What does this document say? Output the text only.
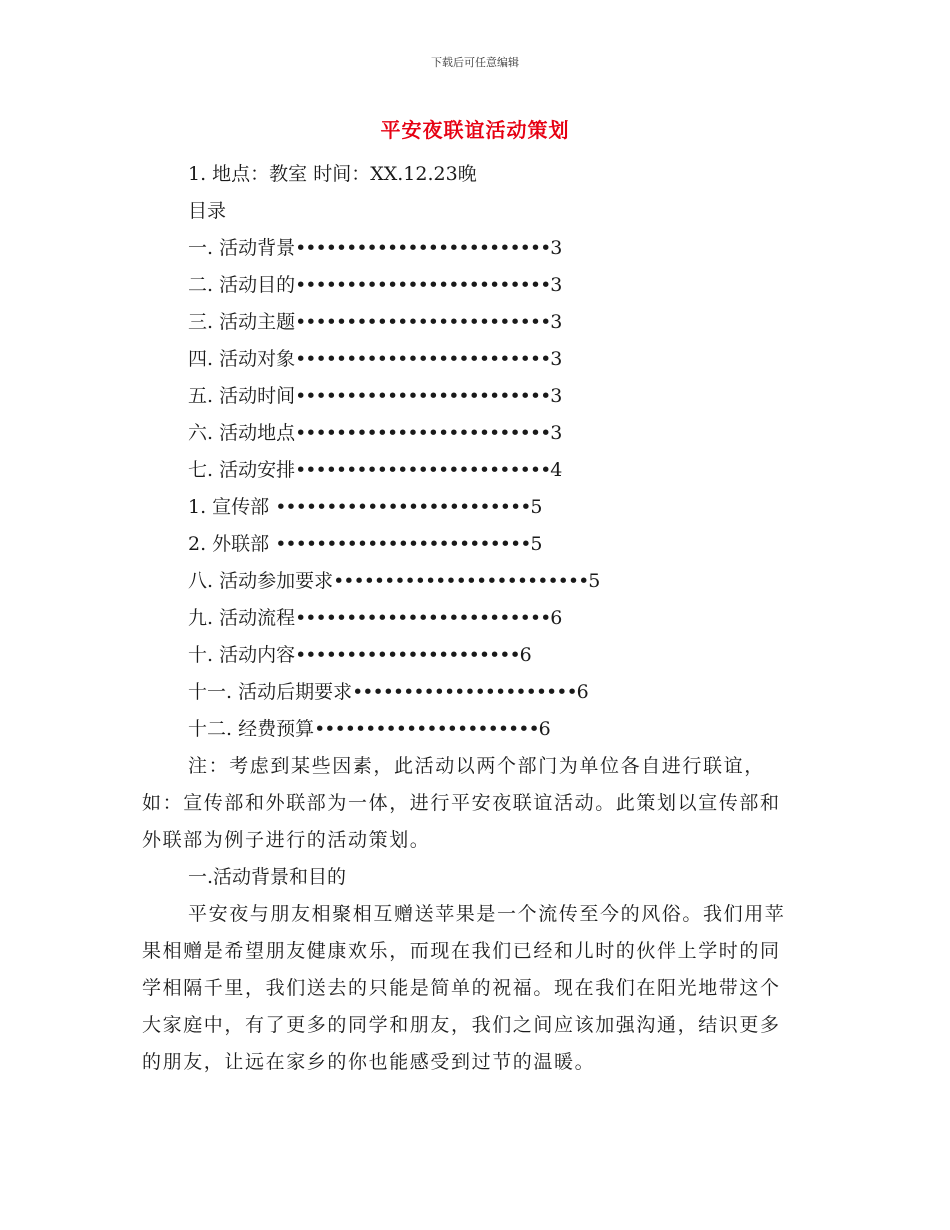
下载后可任意编辑
平安夜联谊活动策划
1. 地点：教室 时间：XX.12.23晚
目录
一. 活动背景•••••••••••••••••••••••••3
二. 活动目的•••••••••••••••••••••••••3
三. 活动主题•••••••••••••••••••••••••3
四. 活动对象•••••••••••••••••••••••••3
五. 活动时间•••••••••••••••••••••••••3
六. 活动地点•••••••••••••••••••••••••3
七. 活动安排•••••••••••••••••••••••••4
1. 宣传部 •••••••••••••••••••••••••5
2. 外联部 •••••••••••••••••••••••••5
八. 活动参加要求•••••••••••••••••••••••••5
九. 活动流程•••••••••••••••••••••••••6
十. 活动内容••••••••••••••••••••••6
十一. 活动后期要求••••••••••••••••••••••6
十二. 经费预算••••••••••••••••••••••6
注：考虑到某些因素，此活动以两个部门为单位各自进行联谊，如：宣传部和外联部为一体，进行平安夜联谊活动。此策划以宣传部和外联部为例子进行的活动策划。
一.活动背景和目的
平安夜与朋友相聚相互赠送苹果是一个流传至今的风俗。我们用苹果相赠是希望朋友健康欢乐，而现在我们已经和儿时的伙伴上学时的同学相隔千里，我们送去的只能是简单的祝福。现在我们在阳光地带这个大家庭中，有了更多的同学和朋友，我们之间应该加强沟通，结识更多的朋友，让远在家乡的你也能感受到过节的温暖。
